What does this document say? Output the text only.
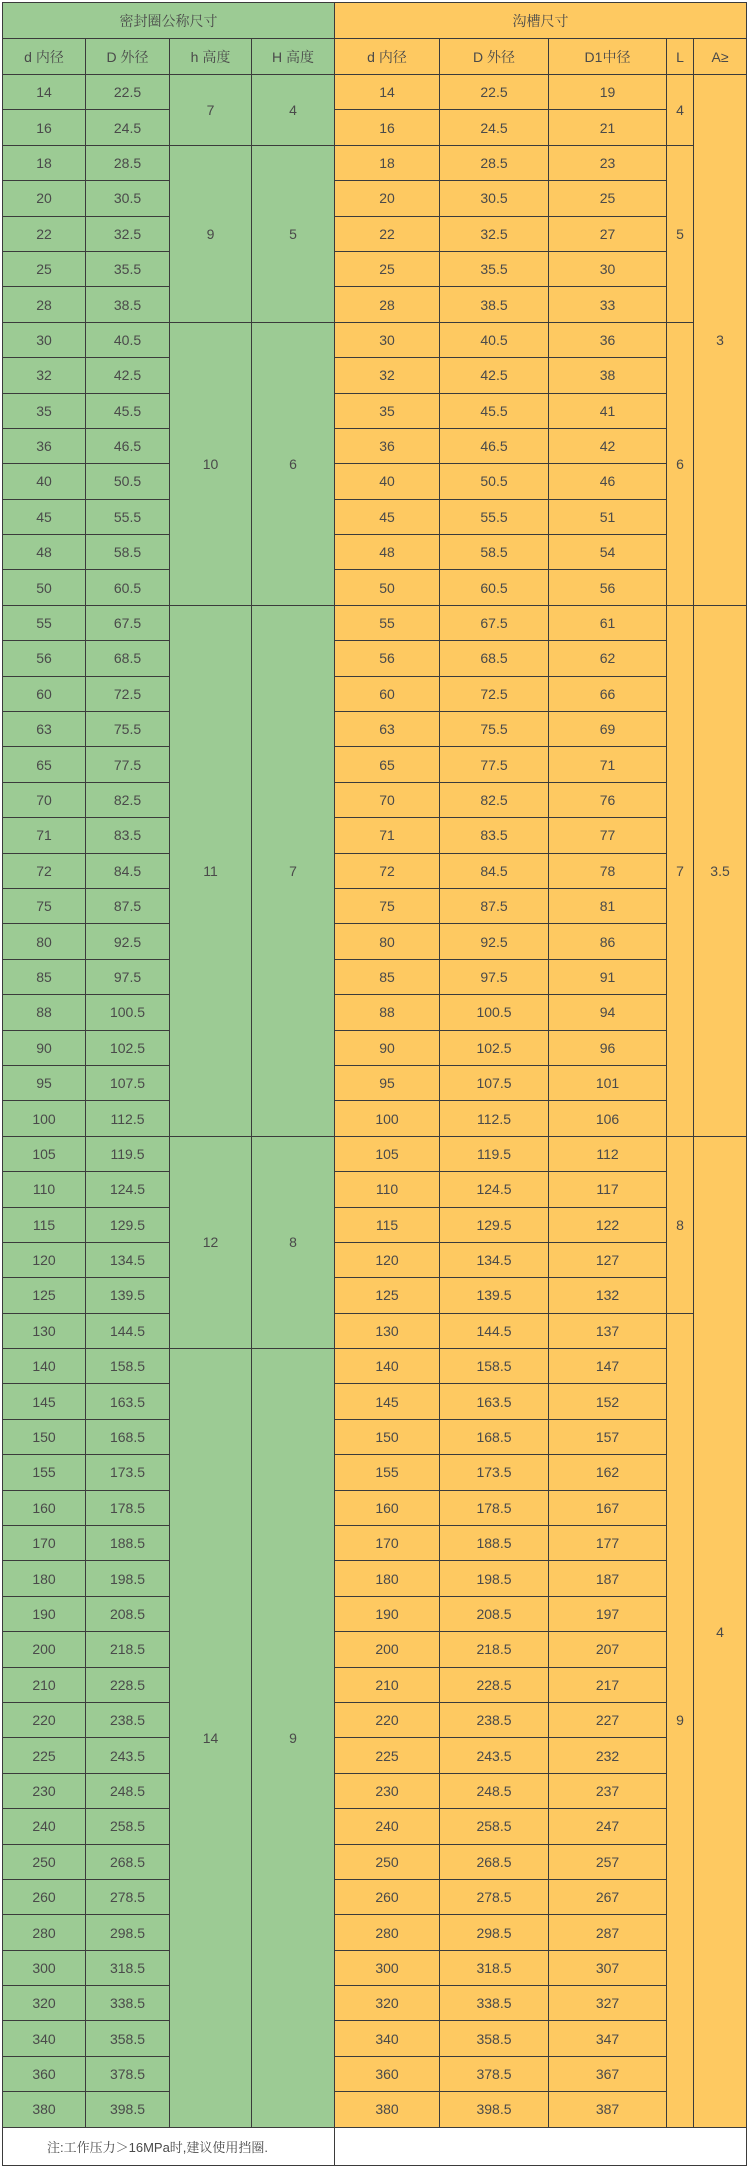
密封圈公称尺寸				沟槽尺寸				
d 内径	D 外径	h 高度	H 高度	d 内径	D 外径	D1中径	L	A≥
14	22.5	7	4	14	22.5	19	4	3
16	24.5			16	24.5	21		
18	28.5	9	5	18	28.5	23	5	
20	30.5			20	30.5	25		
22	32.5			22	32.5	27		
25	35.5			25	35.5	30		
28	38.5			28	38.5	33		
30	40.5	10	6	30	40.5	36	6	
32	42.5			32	42.5	38		
35	45.5			35	45.5	41		
36	46.5			36	46.5	42		
40	50.5			40	50.5	46		
45	55.5			45	55.5	51		
48	58.5			48	58.5	54		
50	60.5			50	60.5	56		
55	67.5	11	7	55	67.5	61	7	3.5
56	68.5			56	68.5	62		
60	72.5			60	72.5	66		
63	75.5			63	75.5	69		
65	77.5			65	77.5	71		
70	82.5			70	82.5	76		
71	83.5			71	83.5	77		
72	84.5			72	84.5	78		
75	87.5			75	87.5	81		
80	92.5			80	92.5	86		
85	97.5			85	97.5	91		
88	100.5			88	100.5	94		
90	102.5			90	102.5	96		
95	107.5			95	107.5	101		
100	112.5			100	112.5	106		
105	119.5	12	8	105	119.5	112	8	4
110	124.5			110	124.5	117		
115	129.5			115	129.5	122		
120	134.5			120	134.5	127		
125	139.5			125	139.5	132		
130	144.5			130	144.5	137	9	
140	158.5	14	9	140	158.5	147		
145	163.5			145	163.5	152		
150	168.5			150	168.5	157		
155	173.5			155	173.5	162		
160	178.5			160	178.5	167		
170	188.5			170	188.5	177		
180	198.5			180	198.5	187		
190	208.5			190	208.5	197		
200	218.5			200	218.5	207		
210	228.5			210	228.5	217		
220	238.5			220	238.5	227		
225	243.5			225	243.5	232		
230	248.5			230	248.5	237		
240	258.5			240	258.5	247		
250	268.5			250	268.5	257		
260	278.5			260	278.5	267		
280	298.5			280	298.5	287		
300	318.5			300	318.5	307		
320	338.5			320	338.5	327		
340	358.5			340	358.5	347		
360	378.5			360	378.5	367		
380	398.5			380	398.5	387		
注:工作压力＞16MPa时,建议使用挡圈.								
